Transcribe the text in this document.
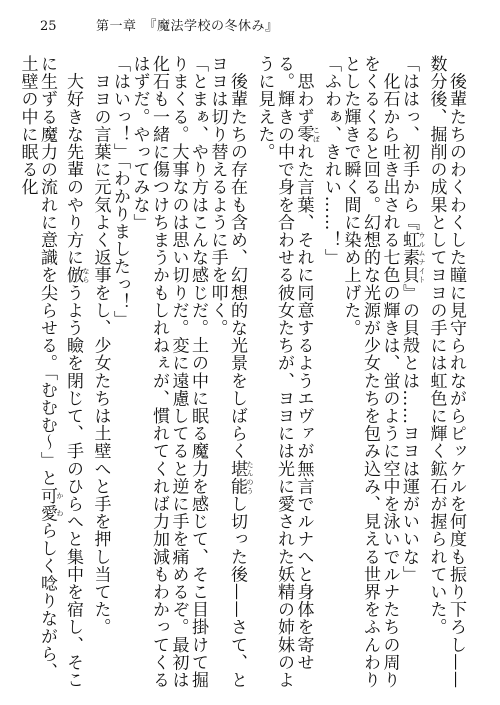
25	第一章　『魔法学校の冬休み』

　後輩たちのわくわくした瞳に見守られながらピッケルを何度も振り下ろし——数分後、掘削の成果としてヨヨの手には虹色に輝く鉱石が握られていた。

「ははっ、初手から『虹素貝 ウルムナイト』の貝殻とは……ヨヨは運がいいな」

　化石から吐き出される七色の輝きは、蛍のように空中を泳いでルナたちの周りをくるくると回る。幻想的な光源が少女たちを包み込み、見える世界をふんわりとした輝きで瞬く間に染め上げた。

「ふわぁ、きれい……！」

　思わず零 こぼれた言葉、それに同意するようエヴァが無言でルナへと身体を寄せる。輝きの中で身を合わせる彼女たちが、ヨヨには光に愛された妖精の姉妹のように見えた。

　後輩たちの存在も含め、幻想的な光景をしばらく堪能 たんのうし切った後——さて、とヨヨは切り替えるように手を叩く。

「とまぁ、やり方はこんな感じだ。土の中に眠る魔力を感じて、そこ目掛けて掘りまくる。大事なのは思い切りだ。変に遠慮してると逆に手を痛めるぞ。最初は化石も一緒に傷つけちまうかもしれねぇが、慣れてくれば力加減もわかってくるはずだ。やってみな」

「はいっ！」「わかりましたっ！」

　ヨヨの言葉に元気よく返事をし、少女たちは土壁へと手を押し当てた。

　大好きな先輩のやり方に倣 ならうよう瞼を閉じて、手のひらへと集中を宿し、そこに生ずる魔力の流れに意識を尖らせる。「むむむ～」と可愛 かわらしく唸りながら、土壁の中に眠る化
